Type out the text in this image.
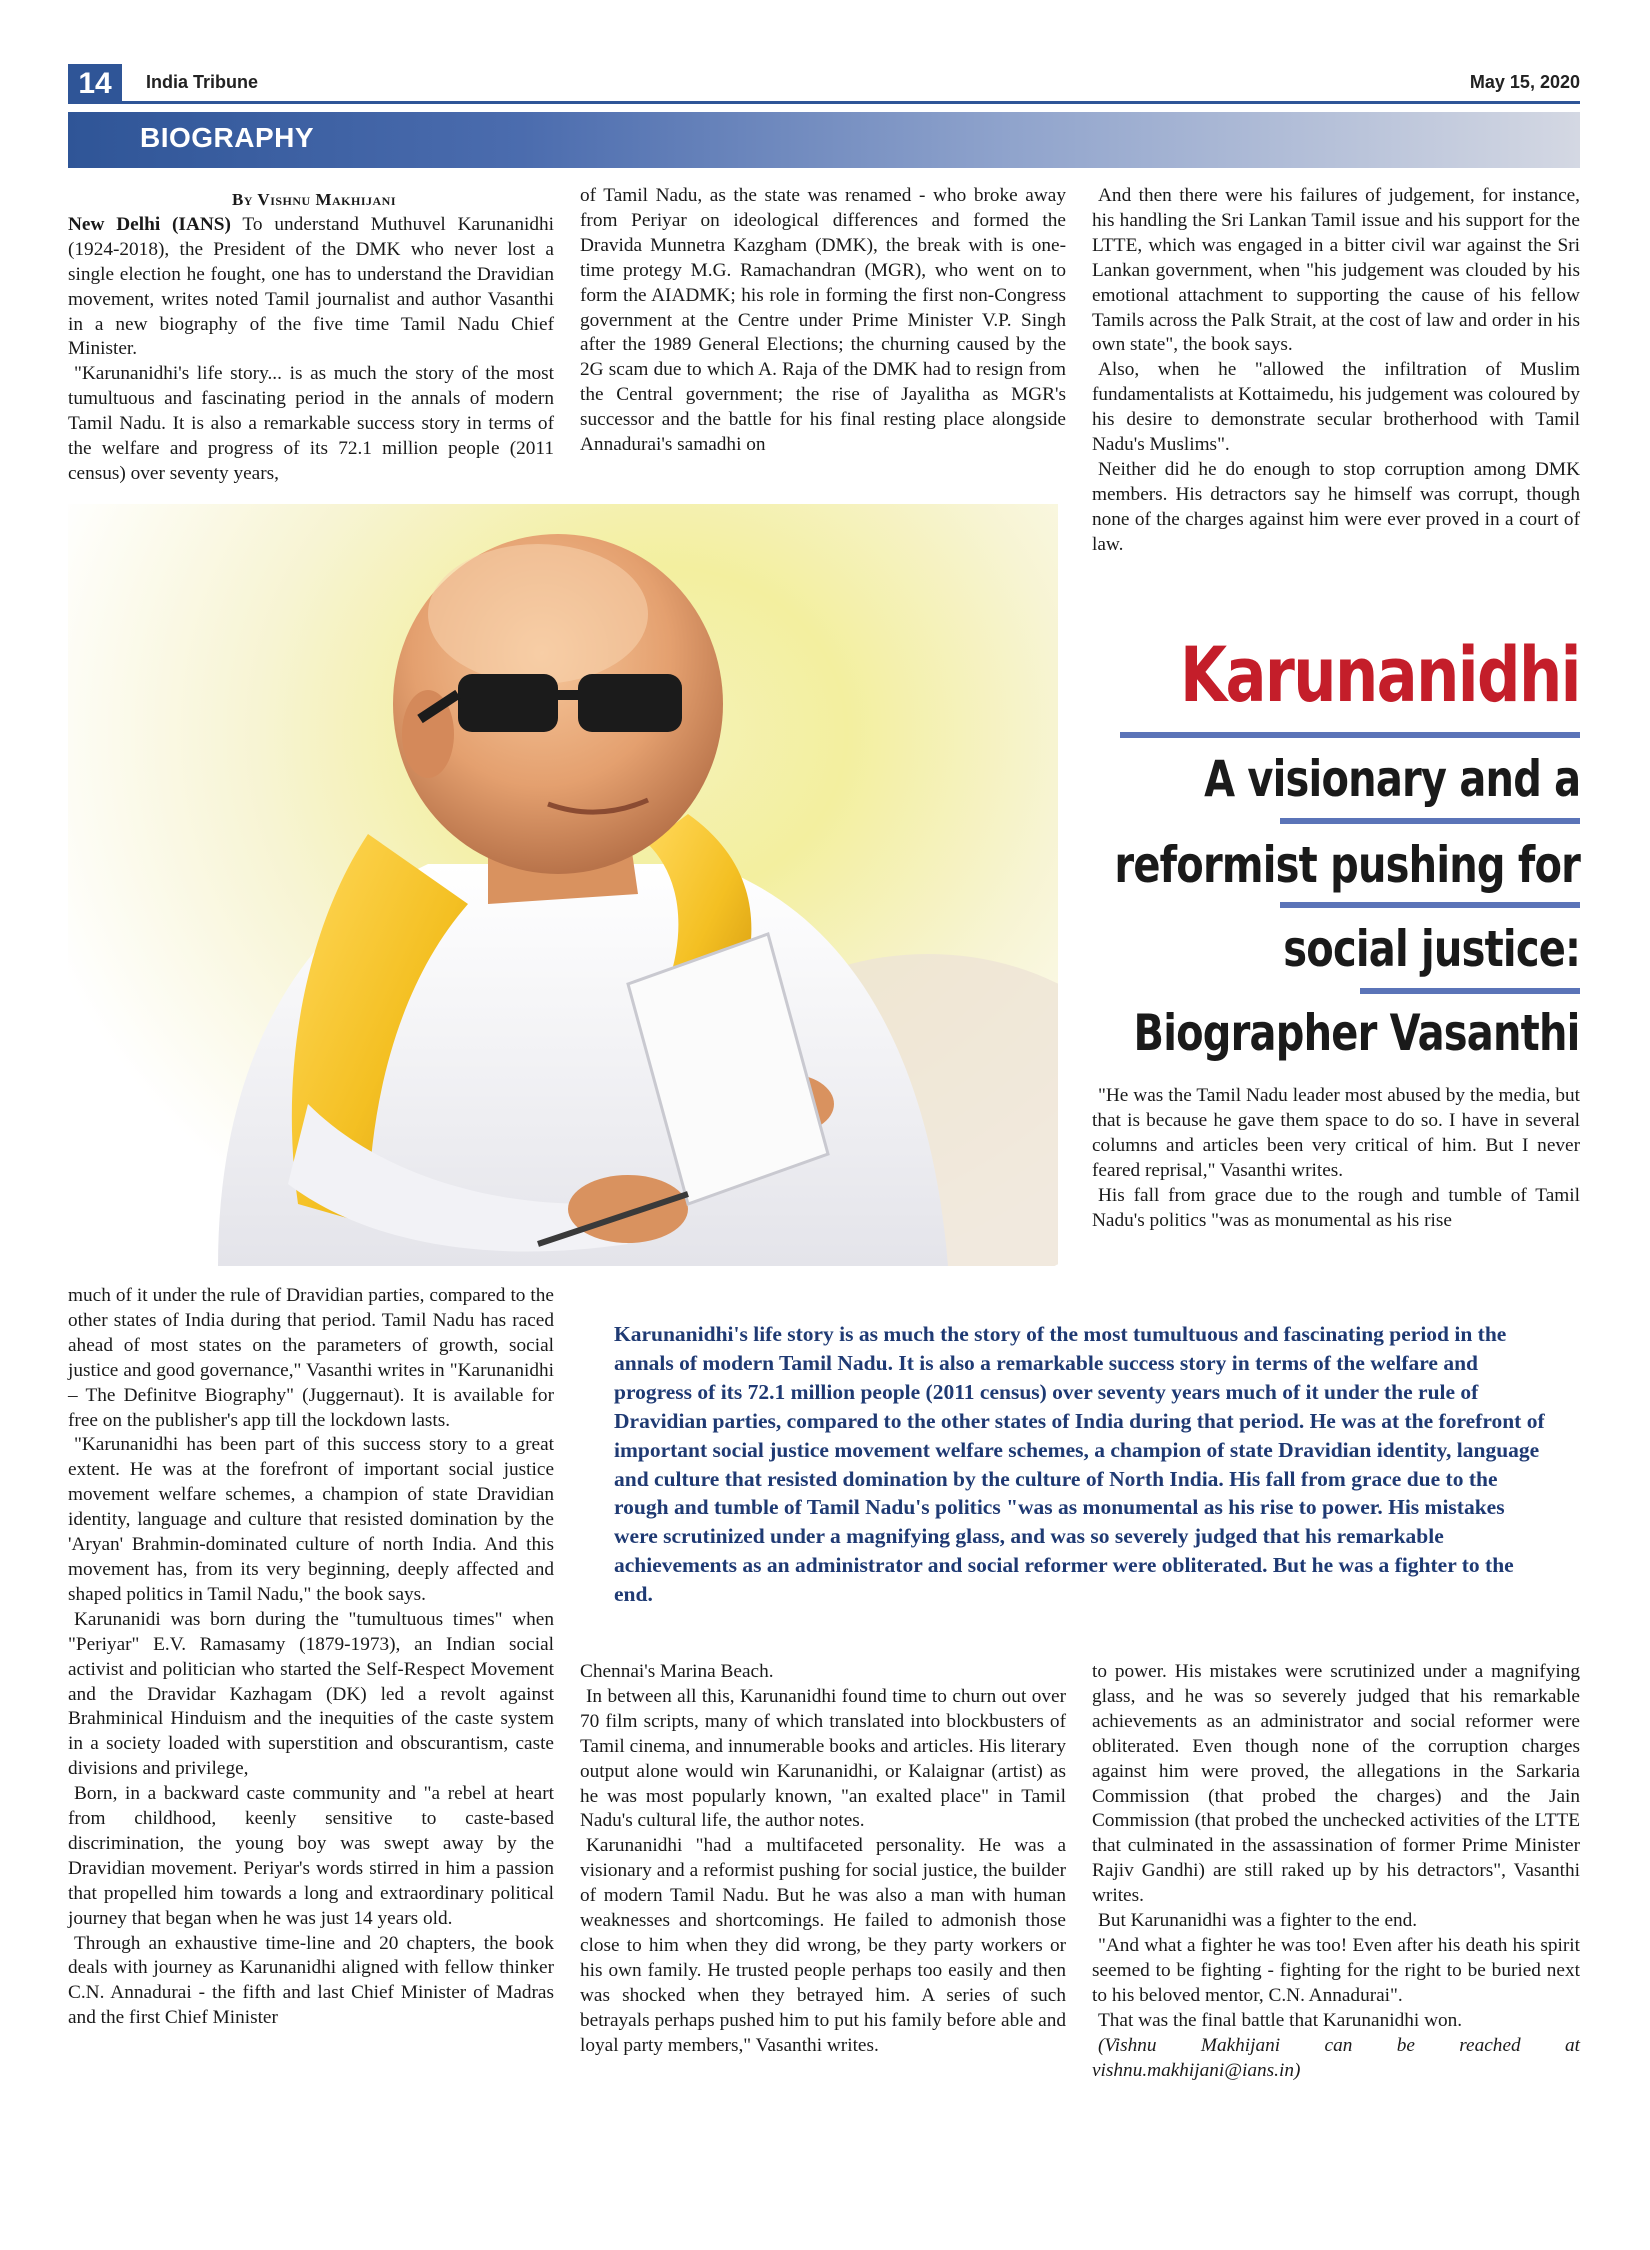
14	India Tribune	May 15, 2020
BIOGRAPHY

By Vishnu Makhijani

New Delhi (IANS) To understand Muthuvel Karunanidhi (1924-2018), the President of the DMK who never lost a single election he fought, one has to understand the Dravidian movement, writes noted Tamil journalist and author Vasanthi in a new biography of the five time Tamil Nadu Chief Minister.

"Karunanidhi's life story... is as much the story of the most tumultuous and fascinating period in the annals of modern Tamil Nadu. It is also a remarkable success story in terms of the welfare and progress of its 72.1 million people (2011 census) over seventy years,

of Tamil Nadu, as the state was renamed - who broke away from Periyar on ideological differences and formed the Dravida Munnetra Kazgham (DMK), the break with is one-time protegy M.G. Ramachandran (MGR), who went on to form the AIADMK; his role in forming the first non-Congress government at the Centre under Prime Minister V.P. Singh after the 1989 General Elections; the churning caused by the 2G scam due to which A. Raja of the DMK had to resign from the Central government; the rise of Jayalitha as MGR's successor and the battle for his final resting place alongside Annadurai's samadhi on

And then there were his failures of judgement, for instance, his handling the Sri Lankan Tamil issue and his support for the LTTE, which was engaged in a bitter civil war against the Sri Lankan government, when "his judgement was clouded by his emotional attachment to supporting the cause of his fellow Tamils across the Palk Strait, at the cost of law and order in his own state", the book says.

Also, when he "allowed the infiltration of Muslim fundamentalists at Kottaimedu, his judgement was coloured by his desire to demonstrate secular brotherhood with Tamil Nadu's Muslims".

Neither did he do enough to stop corruption among DMK members. His detractors say he himself was corrupt, though none of the charges against him were ever proved in a court of law.

Karunanidhi
A visionary and a
reformist pushing for
social justice:
Biographer Vasanthi

"He was the Tamil Nadu leader most abused by the media, but that is because he gave them space to do so. I have in several columns and articles been very critical of him. But I never feared reprisal," Vasanthi writes.

His fall from grace due to the rough and tumble of Tamil Nadu's politics "was as monumental as his rise

much of it under the rule of Dravidian parties, compared to the other states of India during that period. Tamil Nadu has raced ahead of most states on the parameters of growth, social justice and good governance," Vasanthi writes in "Karunanidhi – The Definitve Biography" (Juggernaut). It is available for free on the publisher's app till the lockdown lasts.

"Karunanidhi has been part of this success story to a great extent. He was at the forefront of important social justice movement welfare schemes, a champion of state Dravidian identity, language and culture that resisted domination by the 'Aryan' Brahmin-dominated culture of north India. And this movement has, from its very beginning, deeply affected and shaped politics in Tamil Nadu," the book says.

Karunanidi was born during the "tumultuous times" when "Periyar" E.V. Ramasamy (1879-1973), an Indian social activist and politician who started the Self-Respect Movement and the Dravidar Kazhagam (DK) led a revolt against Brahminical Hinduism and the inequities of the caste system in a society loaded with superstition and obscurantism, caste divisions and privilege,

Born, in a backward caste community and "a rebel at heart from childhood, keenly sensitive to caste-based discrimination, the young boy was swept away by the Dravidian movement. Periyar's words stirred in him a passion that propelled him towards a long and extraordinary political journey that began when he was just 14 years old.

Through an exhaustive time-line and 20 chapters, the book deals with journey as Karunanidhi aligned with fellow thinker C.N. Annadurai - the fifth and last Chief Minister of Madras and the first Chief Minister

Karunanidhi's life story is as much the story of the most tumultuous and fascinating period in the annals of modern Tamil Nadu. It is also a remarkable success story in terms of the welfare and progress of its 72.1 million people (2011 census) over seventy years much of it under the rule of Dravidian parties, compared to the other states of India during that period. He was at the forefront of important social justice movement welfare schemes, a champion of state Dravidian identity, language and culture that resisted domination by the culture of North India. His fall from grace due to the rough and tumble of Tamil Nadu's politics "was as monumental as his rise to power. His mistakes were scrutinized under a magnifying glass, and was so severely judged that his remarkable achievements as an administrator and social reformer were obliterated. But he was a fighter to the end.

Chennai's Marina Beach.

In between all this, Karunanidhi found time to churn out over 70 film scripts, many of which translated into blockbusters of Tamil cinema, and innumerable books and articles. His literary output alone would win Karunanidhi, or Kalaignar (artist) as he was most popularly known, "an exalted place" in Tamil Nadu's cultural life, the author notes.

Karunanidhi "had a multifaceted personality. He was a visionary and a reformist pushing for social justice, the builder of modern Tamil Nadu. But he was also a man with human weaknesses and shortcomings. He failed to admonish those close to him when they did wrong, be they party workers or his own family. He trusted people perhaps too easily and then was shocked when they betrayed him. A series of such betrayals perhaps pushed him to put his family before able and loyal party members," Vasanthi writes.

to power. His mistakes were scrutinized under a magnifying glass, and he was so severely judged that his remarkable achievements as an administrator and social reformer were obliterated. Even though none of the corruption charges against him were proved, the allegations in the Sarkaria Commission (that probed the charges) and the Jain Commission (that probed the unchecked activities of the LTTE that culminated in the assassination of former Prime Minister Rajiv Gandhi) are still raked up by his detractors", Vasanthi writes.

But Karunanidhi was a fighter to the end.

"And what a fighter he was too! Even after his death his spirit seemed to be fighting - fighting for the right to be buried next to his beloved mentor, C.N. Annadurai".

That was the final battle that Karunanidhi won.

(Vishnu Makhijani can be reached at vishnu.makhijani@ians.in)
